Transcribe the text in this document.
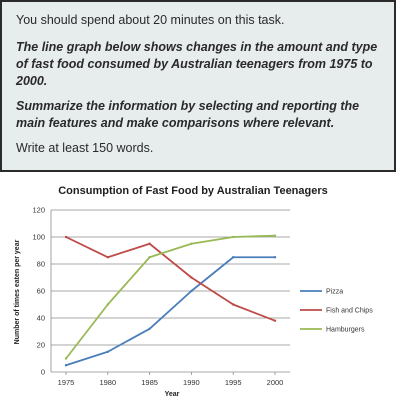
You should spend about 20 minutes on this task.

The line graph below shows changes in the amount and type of fast food consumed by Australian teenagers from 1975 to 2000.

Summarize the information by selecting and reporting the main features and make comparisons where relevant.

Write at least 150 words.

Consumption of Fast Food by Australian Teenagers
0
20
40
60
80
100
120
1975	1980	1985	1990	1995	2000
Pizza
Fish and Chips
Hamburgers
Year
Number of times eaten per year
